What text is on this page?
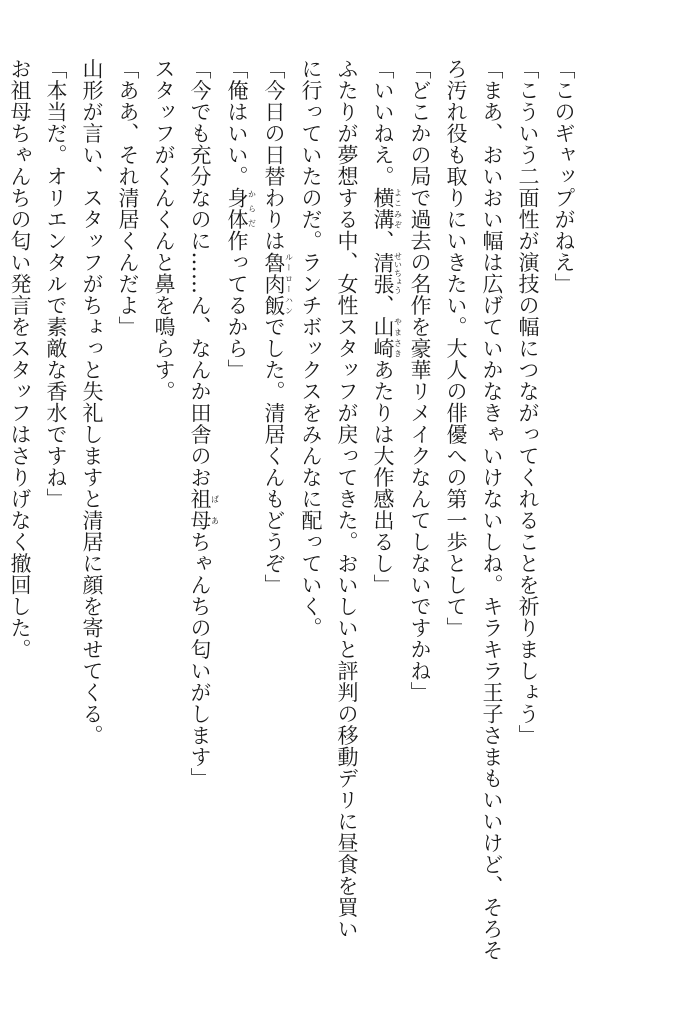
「このギャップがねえ」
「こういう二面性が演技の幅につながってくれることを祈りましょう」
「まあ、おいおい幅は広げていかなきゃいけないしね。キラキラ王子さまもいいけど、そろそ
ろ汚れ役も取りにいきたい。大人の俳優への第一歩として」
「どこかの局で過去の名作を豪華リメイクなんてしないですかね」
「いいねえ。横溝よこみぞ、清張せいちょう、山崎やまさきあたりは大作感出るし」
ふたりが夢想する中、女性スタッフが戻ってきた。おいしいと評判の移動デリに昼食を買い
に行っていたのだ。ランチボックスをみんなに配っていく。
「今日の日替わりは魯肉飯ルーローハンでした。清居くんもどうぞ」
「俺はいい。身体からだ作ってるから」
「今でも充分なのに……ん、なんか田舎のお祖母ばあちゃんちの匂いがします」
スタッフがくんくんと鼻を鳴らす。
「ああ、それ清居くんだよ」
山形が言い、スタッフがちょっと失礼しますと清居に顔を寄せてくる。
「本当だ。オリエンタルで素敵な香水ですね」
お祖母ちゃんちの匂い発言をスタッフはさりげなく撤回した。
